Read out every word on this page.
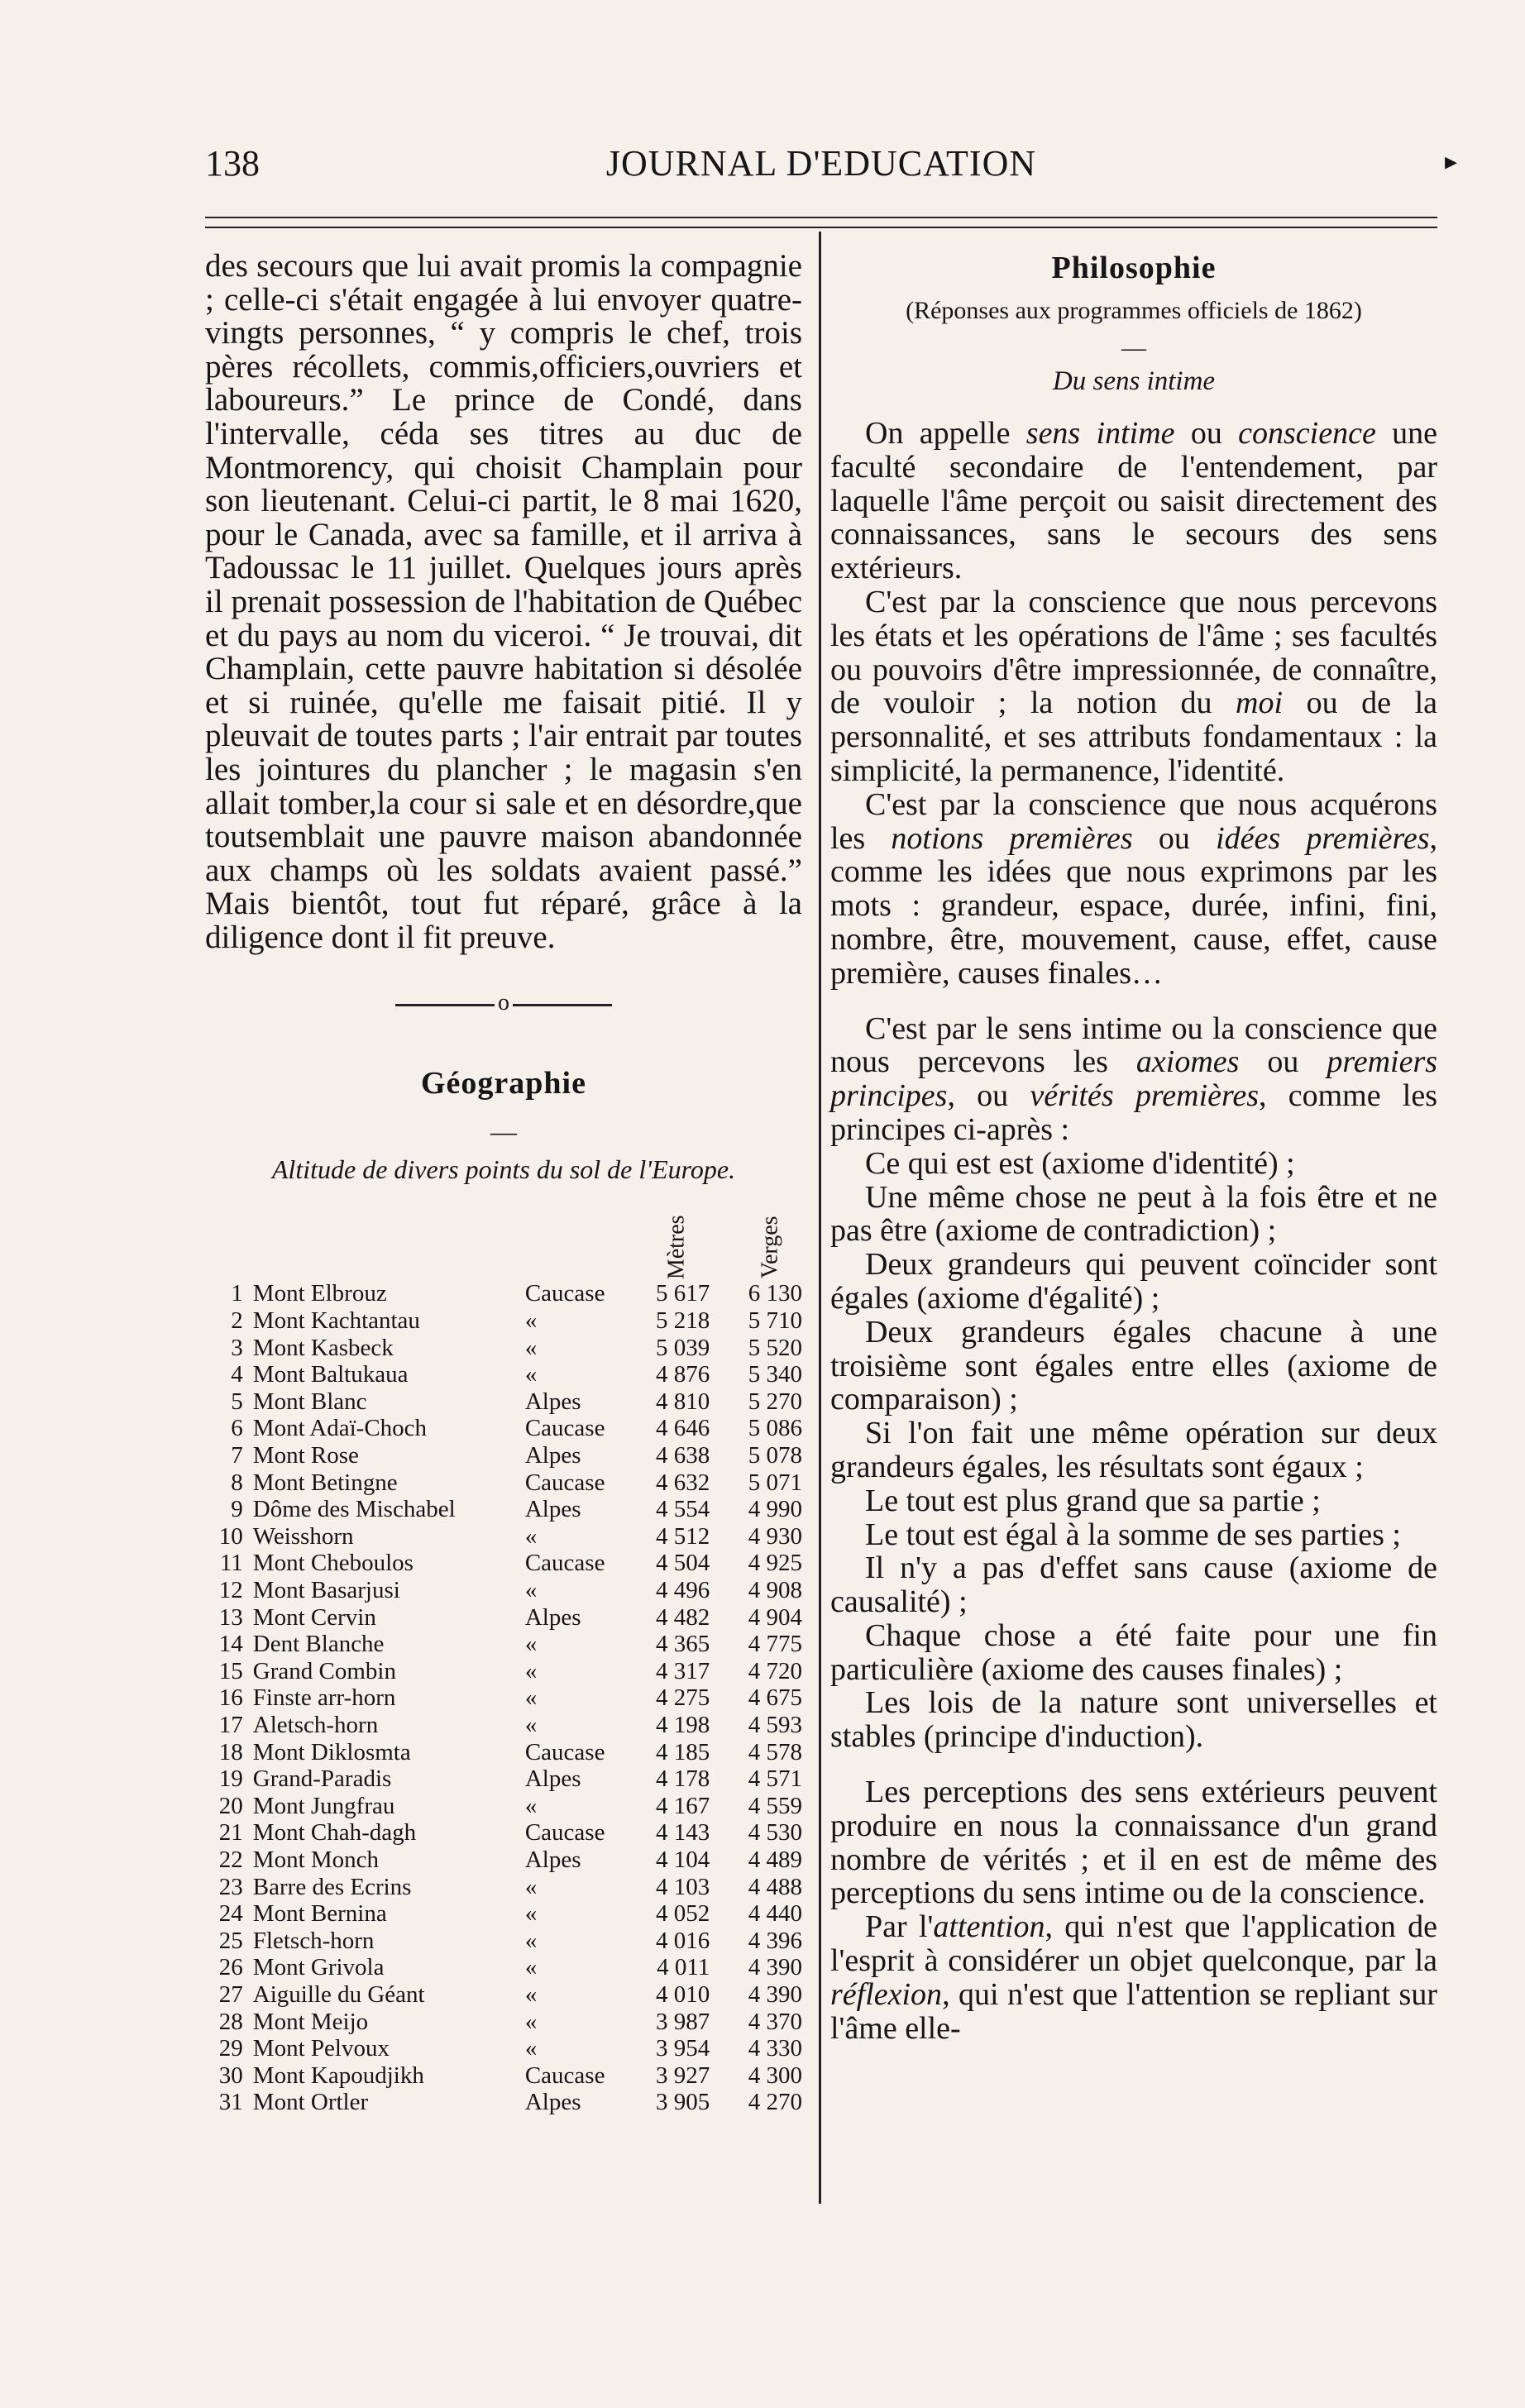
138	JOURNAL D'EDUCATION	▸

des secours que lui avait promis la compagnie ; celle-ci s'était engagée à lui envoyer quatre-vingts personnes, “ y compris le chef, trois pères récollets, commis,officiers,ouvriers et laboureurs.” Le prince de Condé, dans l'intervalle, céda ses titres au duc de Montmorency, qui choisit Champlain pour son lieutenant. Celui-ci partit, le 8 mai 1620, pour le Canada, avec sa famille, et il arriva à Tadoussac le 11 juillet. Quelques jours après il prenait possession de l'habitation de Québec et du pays au nom du viceroi. “ Je trouvai, dit Champlain, cette pauvre habitation si désolée et si ruinée, qu'elle me faisait pitié. Il y pleuvait de toutes parts ; l'air entrait par toutes les jointures du plancher ; le magasin s'en allait tomber,la cour si sale et en désordre,que toutsemblait une pauvre maison abandonnée aux champs où les soldats avaient passé.” Mais bientôt, tout fut réparé, grâce à la diligence dont il fit preuve.

o
Géographie
—
Altitude de divers points du sol de l'Europe.
			Mètres	Verges
1	Mont Elbrouz	Caucase	5 617	6 130
2	Mont Kachtantau	«	5 218	5 710
3	Mont Kasbeck	«	5 039	5 520
4	Mont Baltukaua	«	4 876	5 340
5	Mont Blanc	Alpes	4 810	5 270
6	Mont Adaï-Choch	Caucase	4 646	5 086
7	Mont Rose	Alpes	4 638	5 078
8	Mont Betingne	Caucase	4 632	5 071
9	Dôme des Mischabel	Alpes	4 554	4 990
10	Weisshorn	«	4 512	4 930
11	Mont Cheboulos	Caucase	4 504	4 925
12	Mont Basarjusi	«	4 496	4 908
13	Mont Cervin	Alpes	4 482	4 904
14	Dent Blanche	«	4 365	4 775
15	Grand Combin	«	4 317	4 720
16	Finste arr-horn	«	4 275	4 675
17	Aletsch-horn	«	4 198	4 593
18	Mont Diklosmta	Caucase	4 185	4 578
19	Grand-Paradis	Alpes	4 178	4 571
20	Mont Jungfrau	«	4 167	4 559
21	Mont Chah-dagh	Caucase	4 143	4 530
22	Mont Monch	Alpes	4 104	4 489
23	Barre des Ecrins	«	4 103	4 488
24	Mont Bernina	«	4 052	4 440
25	Fletsch-horn	«	4 016	4 396
26	Mont Grivola	«	4 011	4 390
27	Aiguille du Géant	«	4 010	4 390
28	Mont Meijo	«	3 987	4 370
29	Mont Pelvoux	«	3 954	4 330
30	Mont Kapoudjikh	Caucase	3 927	4 300
31	Mont Ortler	Alpes	3 905	4 270
Philosophie
(Réponses aux programmes officiels de 1862)
—
Du sens intime

On appelle sens intime ou conscience une faculté secondaire de l'entendement, par laquelle l'âme perçoit ou saisit directement des connaissances, sans le secours des sens extérieurs.

C'est par la conscience que nous percevons les états et les opérations de l'âme ; ses facultés ou pouvoirs d'être impressionnée, de connaître, de vouloir ; la notion du moi ou de la personnalité, et ses attributs fondamentaux : la simplicité, la permanence, l'identité.

C'est par la conscience que nous acquérons les notions premières ou idées premières, comme les idées que nous exprimons par les mots : grandeur, espace, durée, infini, fini, nombre, être, mouvement, cause, effet, cause première, causes finales…

C'est par le sens intime ou la conscience que nous percevons les axiomes ou premiers principes, ou vérités premières, comme les principes ci-après :

Ce qui est est (axiome d'identité) ;

Une même chose ne peut à la fois être et ne pas être (axiome de contradiction) ;

Deux grandeurs qui peuvent coïncider sont égales (axiome d'égalité) ;

Deux grandeurs égales chacune à une troisième sont égales entre elles (axiome de comparaison) ;

Si l'on fait une même opération sur deux grandeurs égales, les résultats sont égaux ;

Le tout est plus grand que sa partie ;

Le tout est égal à la somme de ses parties ;

Il n'y a pas d'effet sans cause (axiome de causalité) ;

Chaque chose a été faite pour une fin particulière (axiome des causes finales) ;

Les lois de la nature sont universelles et stables (principe d'induction).

Les perceptions des sens extérieurs peuvent produire en nous la connaissance d'un grand nombre de vérités ; et il en est de même des perceptions du sens intime ou de la conscience.

Par l'attention, qui n'est que l'application de l'esprit à considérer un objet quelconque, par la réflexion, qui n'est que l'attention se repliant sur l'âme elle-
